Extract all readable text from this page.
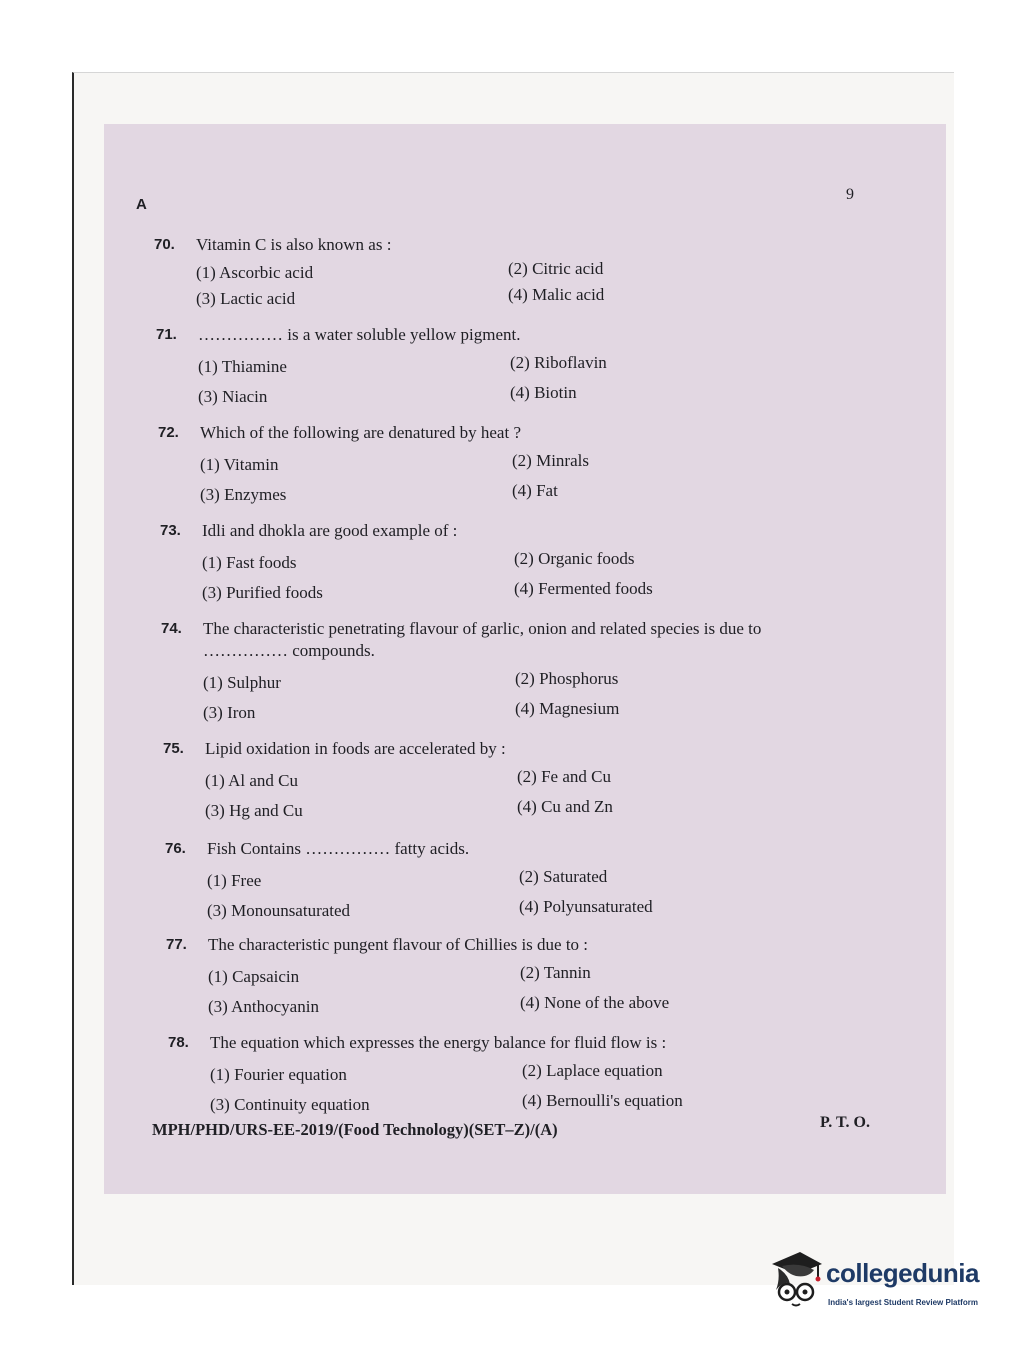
A
9
70. Vitamin C is also known as :
(1) Ascorbic acid	(2) Citric acid
(3) Lactic acid	(4) Malic acid
71. …………… is a water soluble yellow pigment.
(1) Thiamine	(2) Riboflavin
(3) Niacin	(4) Biotin
72. Which of the following are denatured by heat ?
(1) Vitamin	(2) Minrals
(3) Enzymes	(4) Fat
73. Idli and dhokla are good example of :
(1) Fast foods	(2) Organic foods
(3) Purified foods	(4) Fermented foods
74. The characteristic penetrating flavour of garlic, onion and related species is due to
…………… compounds.
(1) Sulphur	(2) Phosphorus
(3) Iron	(4) Magnesium
75. Lipid oxidation in foods are accelerated by :
(1) Al and Cu	(2) Fe and Cu
(3) Hg and Cu	(4) Cu and Zn
76. Fish Contains …………… fatty acids.
(1) Free	(2) Saturated
(3) Monounsaturated	(4) Polyunsaturated
77. The characteristic pungent flavour of Chillies is due to :
(1) Capsaicin	(2) Tannin
(3) Anthocyanin	(4) None of the above
78. The equation which expresses the energy balance for fluid flow is :
(1) Fourier equation	(2) Laplace equation
(3) Continuity equation	(4) Bernoulli's equation
MPH/PHD/URS-EE-2019/(Food Technology)(SET–Z)/(A)	P. T. O.
collegedunia
India's largest Student Review Platform
